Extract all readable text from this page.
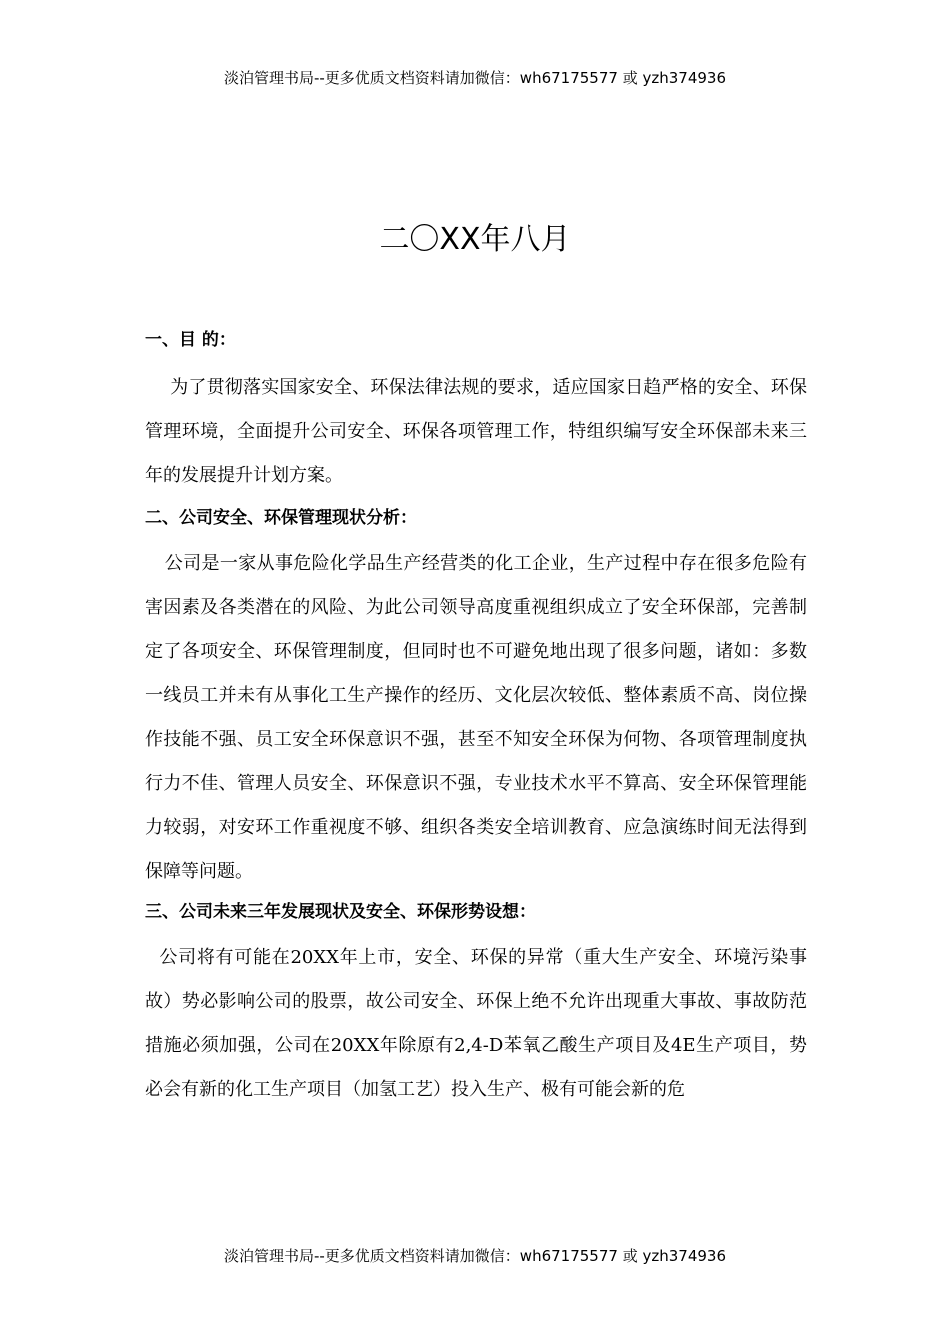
淡泊管理书局--更多优质文档资料请加微信：wh67175577 或 yzh374936
二〇XX年八月
一、目 的：

为了贯彻落实国家安全、环保法律法规的要求，适应国家日趋严格的安全、环保管理环境，全面提升公司安全、环保各项管理工作，特组织编写安全环保部未来三年的发展提升计划方案。

二、公司安全、环保管理现状分析：

公司是一家从事危险化学品生产经营类的化工企业，生产过程中存在很多危险有害因素及各类潜在的风险、为此公司领导高度重视组织成立了安全环保部，完善制定了各项安全、环保管理制度，但同时也不可避免地出现了很多问题，诸如：多数一线员工并未有从事化工生产操作的经历、文化层次较低、整体素质不高、岗位操作技能不强、员工安全环保意识不强，甚至不知安全环保为何物、各项管理制度执行力不佳、管理人员安全、环保意识不强，专业技术水平不算高、安全环保管理能力较弱，对安环工作重视度不够、组织各类安全培训教育、应急演练时间无法得到保障等问题。

三、公司未来三年发展现状及安全、环保形势设想：

公司将有可能在20XX年上市，安全、环保的异常（重大生产安全、环境污染事故）势必影响公司的股票，故公司安全、环保上绝不允许出现重大事故、事故防范措施必须加强，公司在20XX年除原有2,4-D苯氧乙酸生产项目及4E生产项目，势必会有新的化工生产项目（加氢工艺）投入生产、极有可能会新的危

淡泊管理书局--更多优质文档资料请加微信：wh67175577 或 yzh374936
